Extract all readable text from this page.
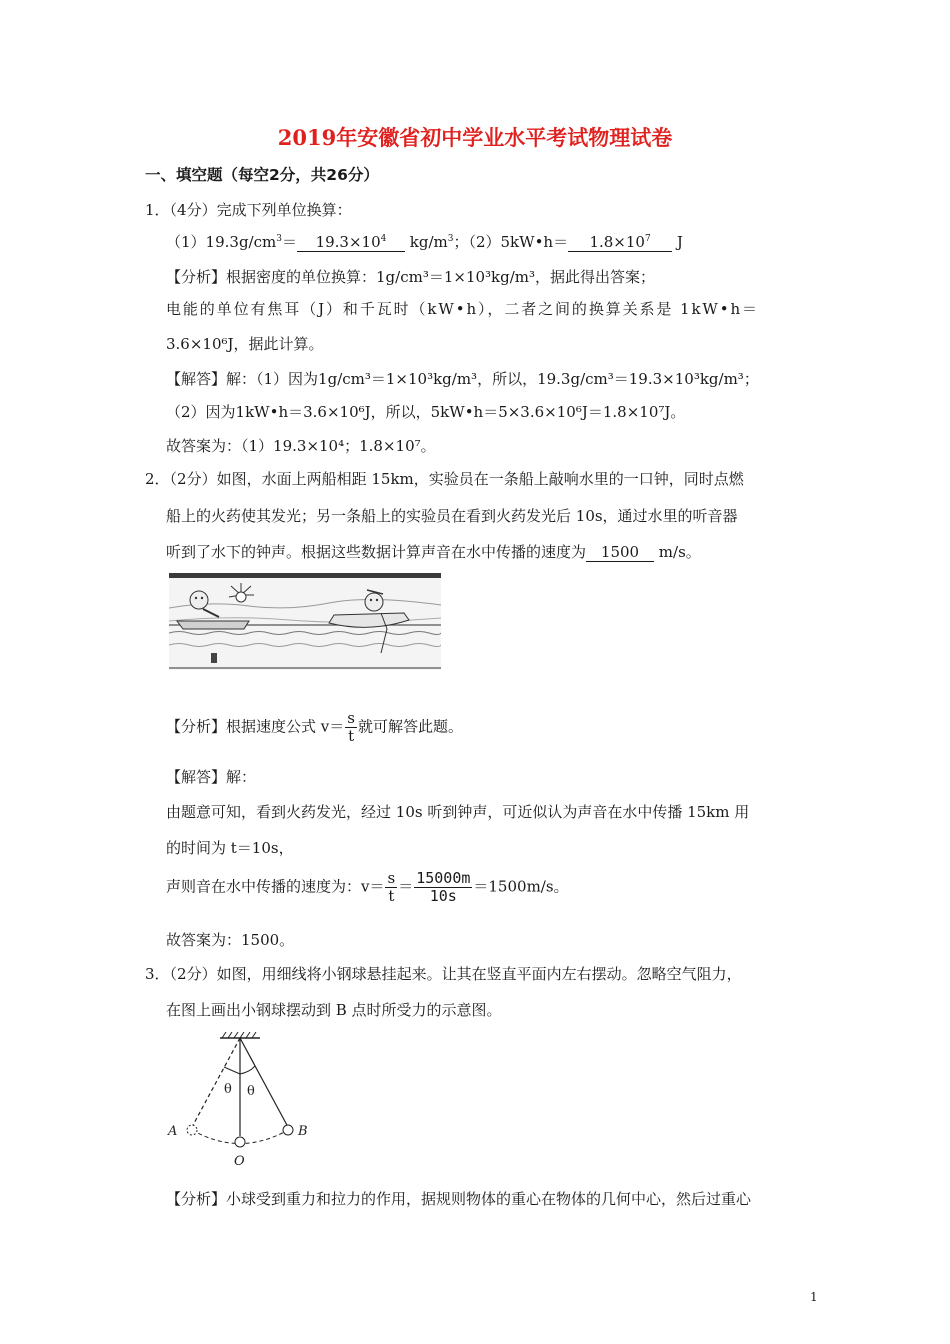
2019年安徽省初中学业水平考试物理试卷
一、填空题（每空2分，共26分）
1．（4分）完成下列单位换算：
$(1)19.3g/cm^3= 19.3\times 10^4$ $kg/m^3$；（2）5kW•h＝ $1.8\times 10^7$ J
【分析】根据密度的单位换算：1g/cm³＝1×10³kg/m³，据此得出答案；
电能的单位有焦耳（J）和千瓦时（kW•h），二者之间的换算关系是 1kW•h＝
3.6×10⁶J，据此计算。
【解答】解：（1）因为1g/cm³＝1×10³kg/m³，所以，19.3g/cm³＝19.3×10³kg/m³；
（2）因为1kW•h＝3.6×10⁶J，所以，5kW•h＝5×3.6×10⁶J＝1.8×10⁷J。
故答案为：（1）19.3×10⁴；1.8×10⁷。
2．（2分）如图，水面上两船相距 15km，实验员在一条船上敲响水里的一口钟，同时点燃
船上的火药使其发光；另一条船上的实验员在看到火药发光后 10s，通过水里的听音器
听到了水下的钟声。根据这些数据计算声音在水中传播的速度为 1500 m/s。
【分析】根据速度公式 $v= \frac{s}{t}$ 就可解答此题。
【解答】解：
由题意可知，看到火药发光，经过 10s 听到钟声，可近似认为声音在水中传播 15km 用
的时间为 t＝10s，
声则音在水中传播的速度为：$v= \frac{s}{t} = \frac{15000m}{10s} =1500m/s$。
故答案为：1500。
3．（2分）如图，用细线将小钢球悬挂起来。让其在竖直平面内左右摆动。忽略空气阻力，
在图上画出小钢球摆动到 B 点时所受力的示意图。
θ θ
A	B
O
【分析】小球受到重力和拉力的作用，据规则物体的重心在物体的几何中心，然后过重心
1
